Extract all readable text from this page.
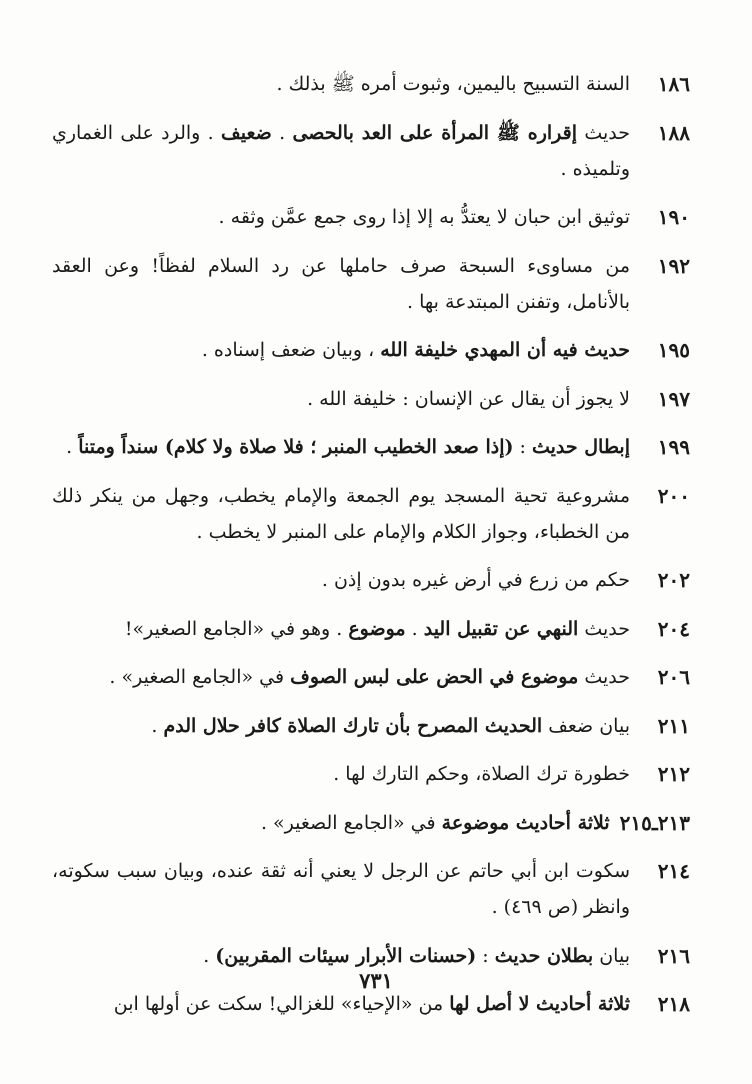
١٨٦
السنة التسبيح باليمين، وثبوت أمره ﷺ بذلك .
١٨٨
حديث إقراره ﷺ المرأة على العد بالحصى . ضعيف . والرد على الغماري وتلميذه .
١٩٠
توثيق ابن حبان لا يعتدُّ به إلا إذا روى جمع عمَّن وثقه .
١٩٢
من مساوىء السبحة صرف حاملها عن رد السلام لفظاً! وعن العقد بالأنامل، وتفنن المبتدعة بها .
١٩٥
حديث فيه أن المهدي خليفة الله ، وبيان ضعف إسناده .
١٩٧
لا يجوز أن يقال عن الإنسان : خليفة الله .
١٩٩
إبطال حديث : (إذا صعد الخطيب المنبر ؛ فلا صلاة ولا كلام) سنداً ومتناً .
٢٠٠
مشروعية تحية المسجد يوم الجمعة والإمام يخطب، وجهل من ينكر ذلك من الخطباء، وجواز الكلام والإمام على المنبر لا يخطب .
٢٠٢
حكم من زرع في أرض غيره بدون إذن .
٢٠٤
حديث النهي عن تقبيل اليد . موضوع . وهو في «الجامع الصغير»!
٢٠٦
حديث موضوع في الحض على لبس الصوف في «الجامع الصغير» .
٢١١
بيان ضعف الحديث المصرح بأن تارك الصلاة كافر حلال الدم .
٢١٢
خطورة ترك الصلاة، وحكم التارك لها .
٢١٣ـ٢١٥
ثلاثة أحاديث موضوعة في «الجامع الصغير» .
٢١٤
سكوت ابن أبي حاتم عن الرجل لا يعني أنه ثقة عنده، وبيان سبب سكوته، وانظر (ص ٤٦٩) .
٢١٦
بيان بطلان حديث : (حسنات الأبرار سيئات المقربين) .
٢١٨
ثلاثة أحاديث لا أصل لها من «الإحياء» للغزالي! سكت عن أولها ابن
٧٣١
